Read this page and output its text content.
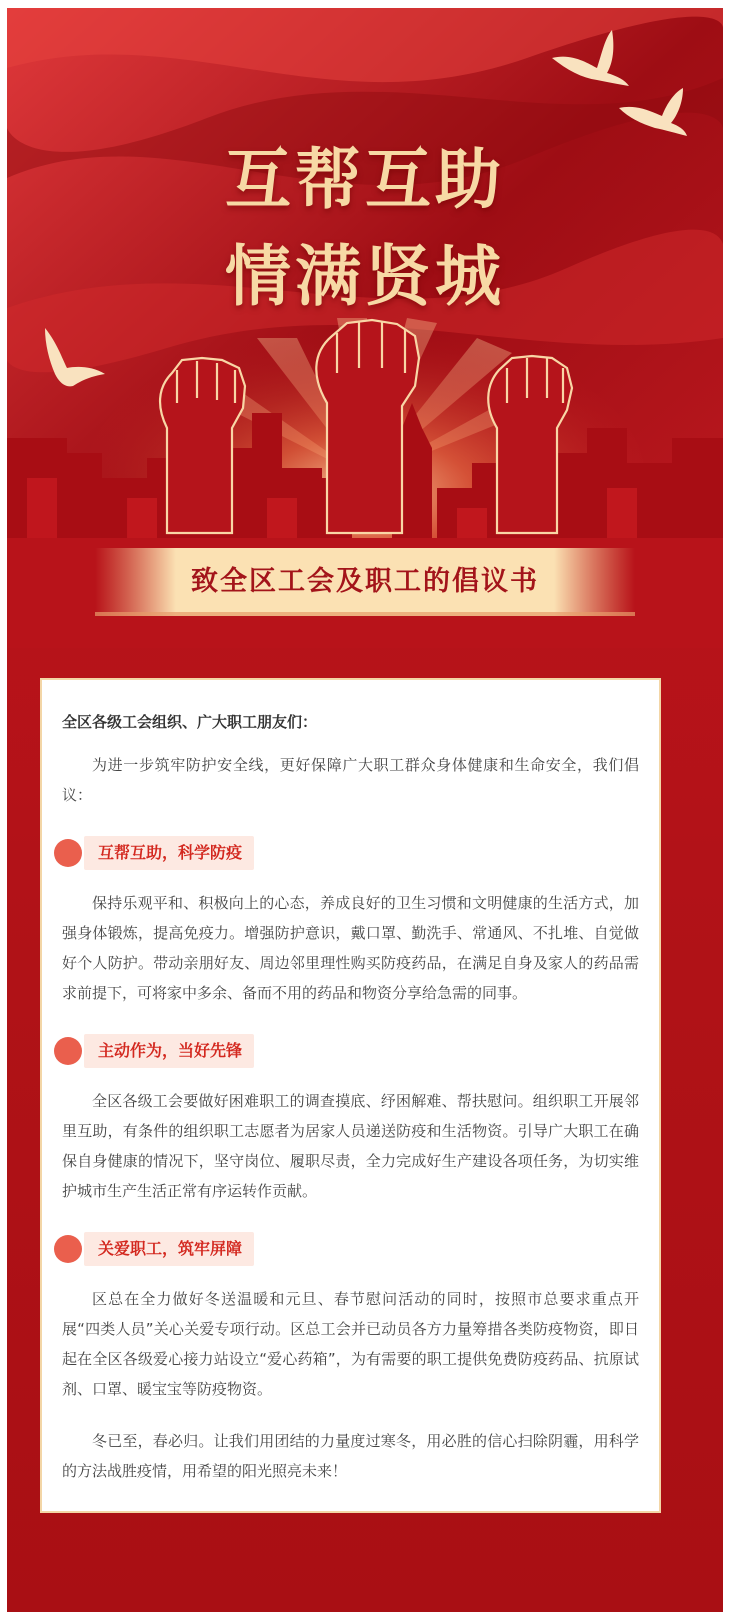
互帮互助
情满贤城
致全区工会及职工的倡议书
全区各级工会组织、广大职工朋友们：

为进一步筑牢防护安全线，更好保障广大职工群众身体健康和生命安全，我们倡议：

互帮互助，科学防疫

保持乐观平和、积极向上的心态，养成良好的卫生习惯和文明健康的生活方式，加强身体锻炼，提高免疫力。增强防护意识，戴口罩、勤洗手、常通风、不扎堆、自觉做好个人防护。带动亲朋好友、周边邻里理性购买防疫药品，在满足自身及家人的药品需求前提下，可将家中多余、备而不用的药品和物资分享给急需的同事。

主动作为，当好先锋

全区各级工会要做好困难职工的调查摸底、纾困解难、帮扶慰问。组织职工开展邻里互助，有条件的组织职工志愿者为居家人员递送防疫和生活物资。引导广大职工在确保自身健康的情况下，坚守岗位、履职尽责，全力完成好生产建设各项任务，为切实维护城市生产生活正常有序运转作贡献。

关爱职工，筑牢屏障

区总在全力做好冬送温暖和元旦、春节慰问活动的同时，按照市总要求重点开展“四类人员”关心关爱专项行动。区总工会并已动员各方力量筹措各类防疫物资，即日起在全区各级爱心接力站设立“爱心药箱”，为有需要的职工提供免费防疫药品、抗原试剂、口罩、暖宝宝等防疫物资。

冬已至，春必归。让我们用团结的力量度过寒冬，用必胜的信心扫除阴霾，用科学的方法战胜疫情，用希望的阳光照亮未来！
